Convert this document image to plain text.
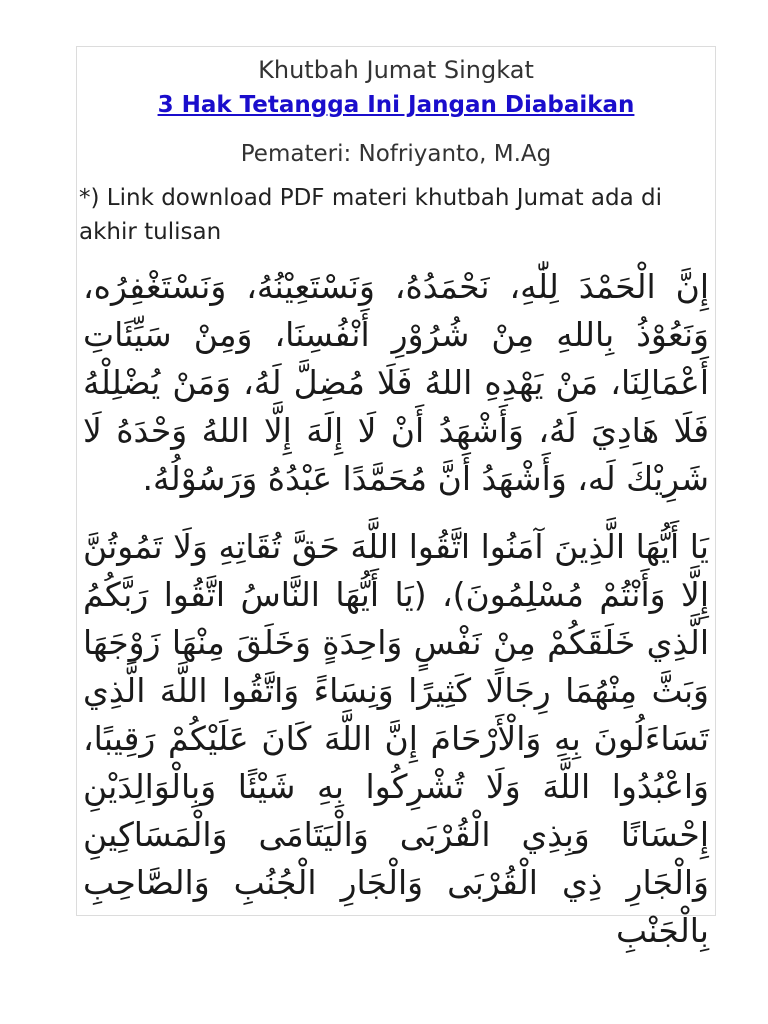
Khutbah Jumat Singkat
3 Hak Tetangga Ini Jangan Diabaikan
Pemateri: Nofriyanto, M.Ag
*) Link download PDF materi khutbah Jumat ada di akhir tulisan

إِنَّ الْحَمْدَ لِلّٰهِ، نَحْمَدُهُ، وَنَسْتَعِيْنُهُ، وَنَسْتَغْفِرُه، وَنَعُوْذُ بِاللهِ مِنْ شُرُوْرِ أَنْفُسِنَا، وَمِنْ سَيِّئَاتِ أَعْمَالِنَا، مَنْ يَهْدِهِ اللهُ فَلَا مُضِلَّ لَهُ، وَمَنْ يُضْلِلْهُ فَلَا هَادِيَ لَهُ، وَأَشْهَدُ أَنْ لَا إِلَهَ إِلَّا اللهُ وَحْدَهُ لَا شَرِيْكَ لَه، وَأَشْهَدُ أَنَّ مُحَمَّدًا عَبْدُهُ وَرَسُوْلُهُ.

يَا أَيُّهَا الَّذِينَ آمَنُوا اتَّقُوا اللَّهَ حَقَّ تُقَاتِهِ وَلَا تَمُوتُنَّ إِلَّا وَأَنْتُمْ مُسْلِمُونَ)، (يَا أَيُّهَا النَّاسُ اتَّقُوا رَبَّكُمُ الَّذِي خَلَقَكُمْ مِنْ نَفْسٍ وَاحِدَةٍ وَخَلَقَ مِنْهَا زَوْجَهَا وَبَثَّ مِنْهُمَا رِجَالًا كَثِيرًا وَنِسَاءً وَاتَّقُوا اللَّهَ الَّذِي تَسَاءَلُونَ بِهِ وَالْأَرْحَامَ إِنَّ اللَّهَ كَانَ عَلَيْكُمْ رَقِيبًا، وَاعْبُدُوا اللَّهَ وَلَا تُشْرِكُوا بِهِ شَيْئًا وَبِالْوَالِدَيْنِ إِحْسَانًا وَبِذِي الْقُرْبَى وَالْيَتَامَى وَالْمَسَاكِينِ وَالْجَارِ ذِي الْقُرْبَى وَالْجَارِ الْجُنُبِ وَالصَّاحِبِ بِالْجَنْبِ
